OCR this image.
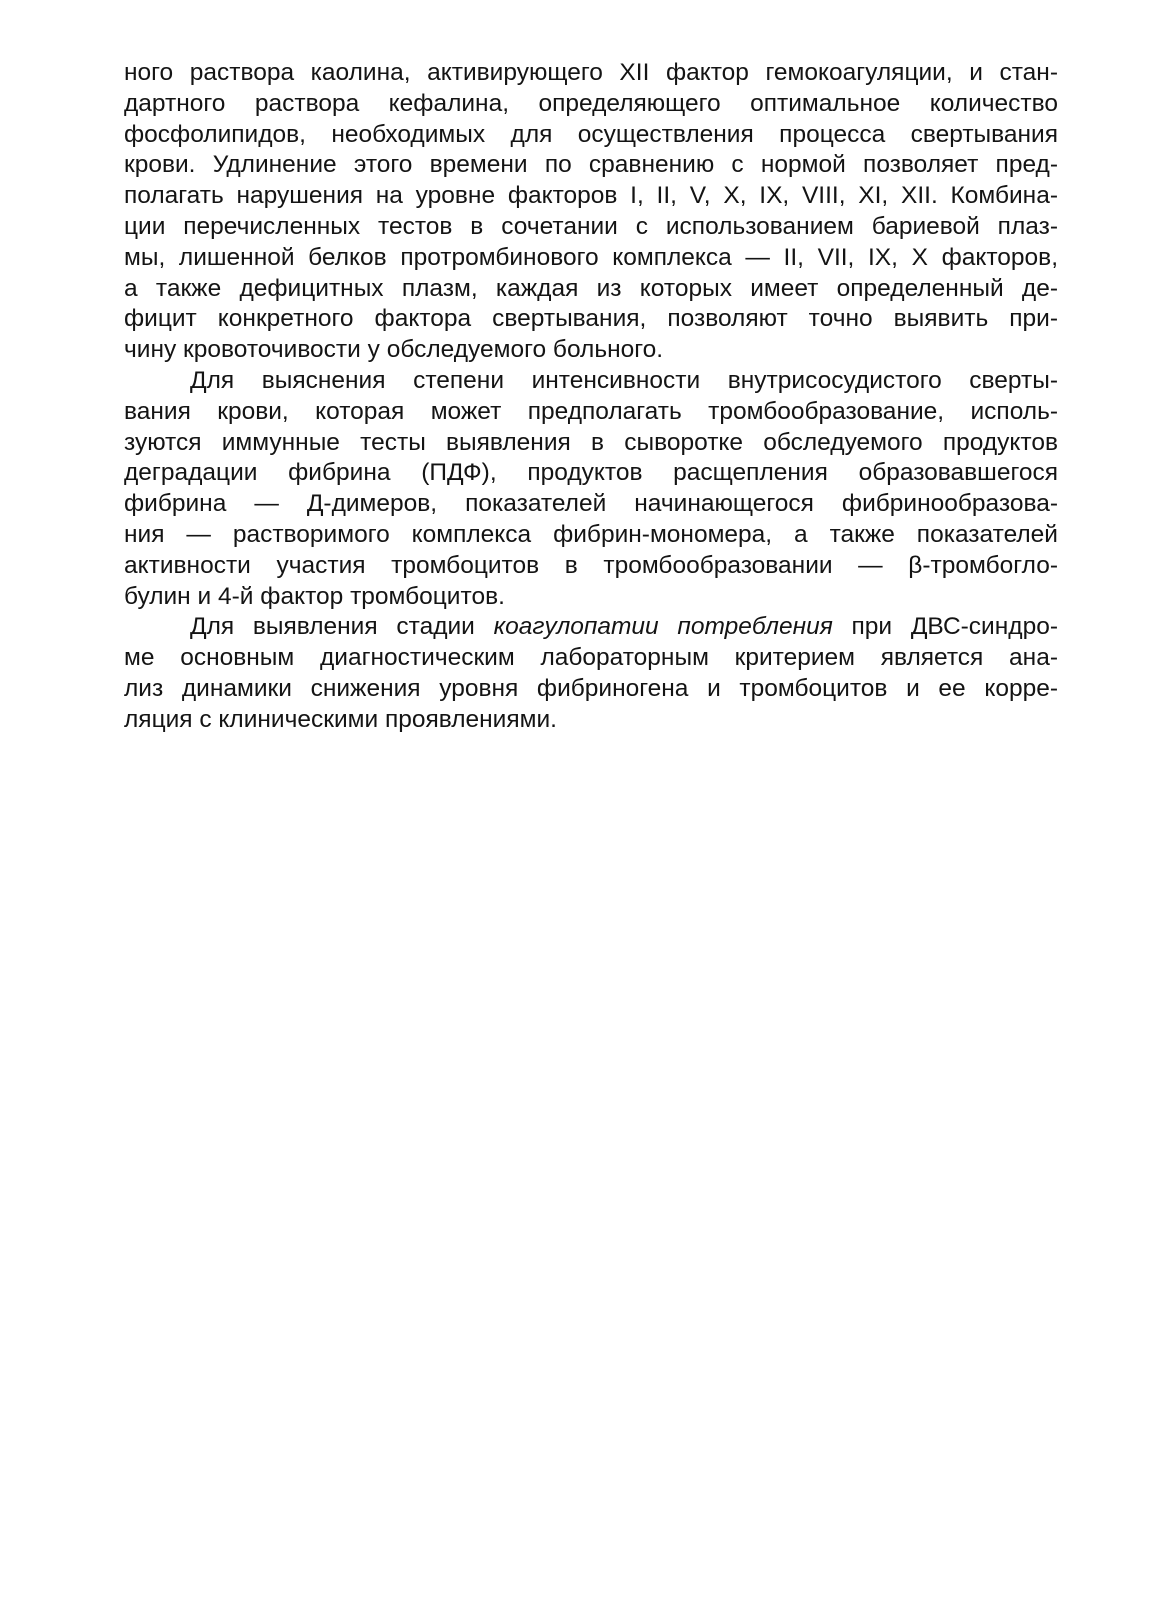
ного раствора каолина, активирующего XII фактор гемокоагуляции, и стан-
дартного раствора кефалина, определяющего оптимальное количество
фосфолипидов, необходимых для осуществления процесса свертывания
крови. Удлинение этого времени по сравнению с нормой позволяет пред-
полагать нарушения на уровне факторов I, II, V, X, IX, VIII, XI, XII. Комбина-
ции перечисленных тестов в сочетании с использованием бариевой плаз-
мы, лишенной белков протромбинового комплекса — II, VII, IX, X факторов,
а также дефицитных плазм, каждая из которых имеет определенный де-
фицит конкретного фактора свертывания, позволяют точно выявить при-
чину кровоточивости у обследуемого больного.
Для выяснения степени интенсивности внутрисосудистого сверты-
вания крови, которая может предполагать тромбообразование, исполь-
зуются иммунные тесты выявления в сыворотке обследуемого продуктов
деградации фибрина (ПДФ), продуктов расщепления образовавшегося
фибрина — Д-димеров, показателей начинающегося фибринообразова-
ния — растворимого комплекса фибрин-мономера, а также показателей
активности участия тромбоцитов в тромбообразовании — β-тромбогло-
булин и 4-й фактор тромбоцитов.
Для выявления стадии коагулопатии потребления при ДВС-синдро-
ме основным диагностическим лабораторным критерием является ана-
лиз динамики снижения уровня фибриногена и тромбоцитов и ее корре-
ляция с клиническими проявлениями.
